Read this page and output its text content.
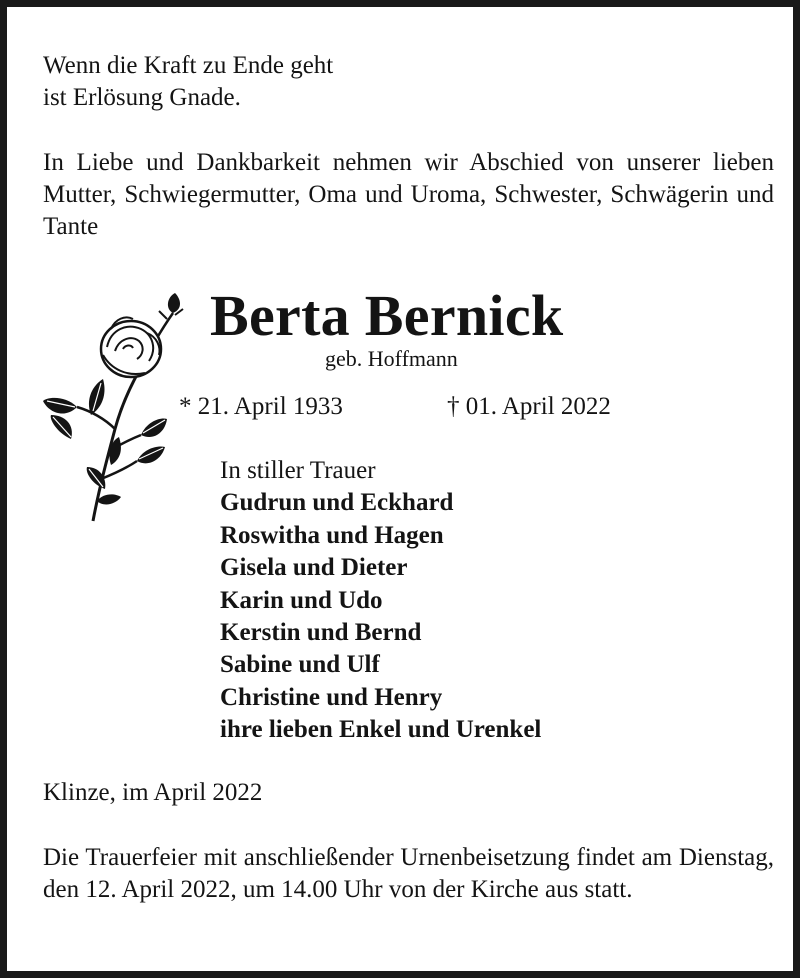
Wenn die Kraft zu Ende geht
ist Erlösung Gnade.
In Liebe und Dankbarkeit nehmen wir Abschied von unserer lieben Mutter, Schwiegermutter, Oma und Uroma, Schwester, Schwägerin und Tante
Berta Bernick
geb. Hoffmann
* 21. April 1933	† 01. April 2022
In stiller Trauer
Gudrun und Eckhard
Roswitha und Hagen
Gisela und Dieter
Karin und Udo
Kerstin und Bernd
Sabine und Ulf
Christine und Henry
ihre lieben Enkel und Urenkel
Klinze, im April 2022
Die Trauerfeier mit anschließender Urnenbeisetzung findet am Dienstag, den 12. April 2022, um 14.00 Uhr von der Kirche aus statt.
